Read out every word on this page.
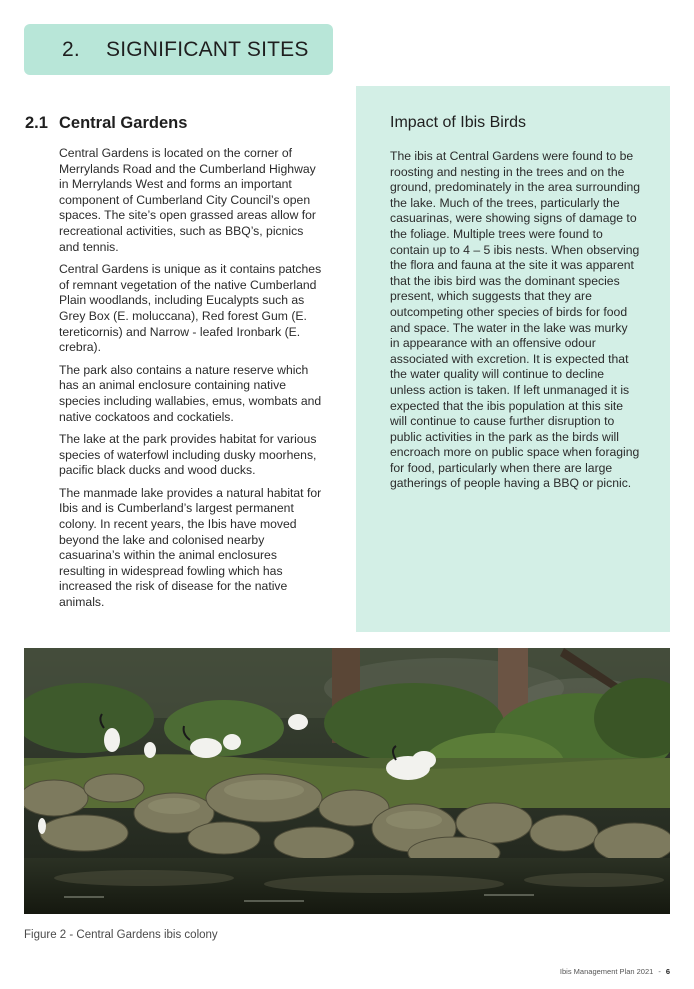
2.	SIGNIFICANT SITES
2.1 Central Gardens

Central Gardens is located on the corner of Merrylands Road and the Cumberland Highway in Merrylands West and forms an important component of Cumberland City Council’s open spaces. The site’s open grassed areas allow for recreational activities, such as BBQ’s, picnics and tennis.

Central Gardens is unique as it contains patches of remnant vegetation of the native Cumberland Plain woodlands, including Eucalypts such as Grey Box (E. moluccana), Red forest Gum (E. tereticornis) and Narrow - leafed Ironbark (E. crebra).

The park also contains a nature reserve which has an animal enclosure containing native species including wallabies, emus, wombats and native cockatoos and cockatiels.

The lake at the park provides habitat for various species of waterfowl including dusky moorhens, pacific black ducks and wood ducks.

The manmade lake provides a natural habitat for Ibis and is Cumberland’s largest permanent colony. In recent years, the Ibis have moved beyond the lake and colonised nearby casuarina’s within the animal enclosures resulting in widespread fowling which has increased the risk of disease for the native animals.

Impact of Ibis Birds

The ibis at Central Gardens were found to be roosting and nesting in the trees and on the ground, predominately in the area surrounding the lake. Much of the trees, particularly the casuarinas, were showing signs of damage to the foliage. Multiple trees were found to contain up to 4 – 5 ibis nests. When observing the flora and fauna at the site it was apparent that the ibis bird was the dominant species present, which suggests that they are outcompeting other species of birds for food and space. The water in the lake was murky in appearance with an offensive odour associated with excretion. It is expected that the water quality will continue to decline unless action is taken. If left unmanaged it is expected that the ibis population at this site will continue to cause further disruption to public activities in the park as the birds will encroach more on public space when foraging for food, particularly when there are large gatherings of people having a BBQ or picnic.

Figure 2 - Central Gardens ibis colony
Ibis Management Plan 2021 - 6
